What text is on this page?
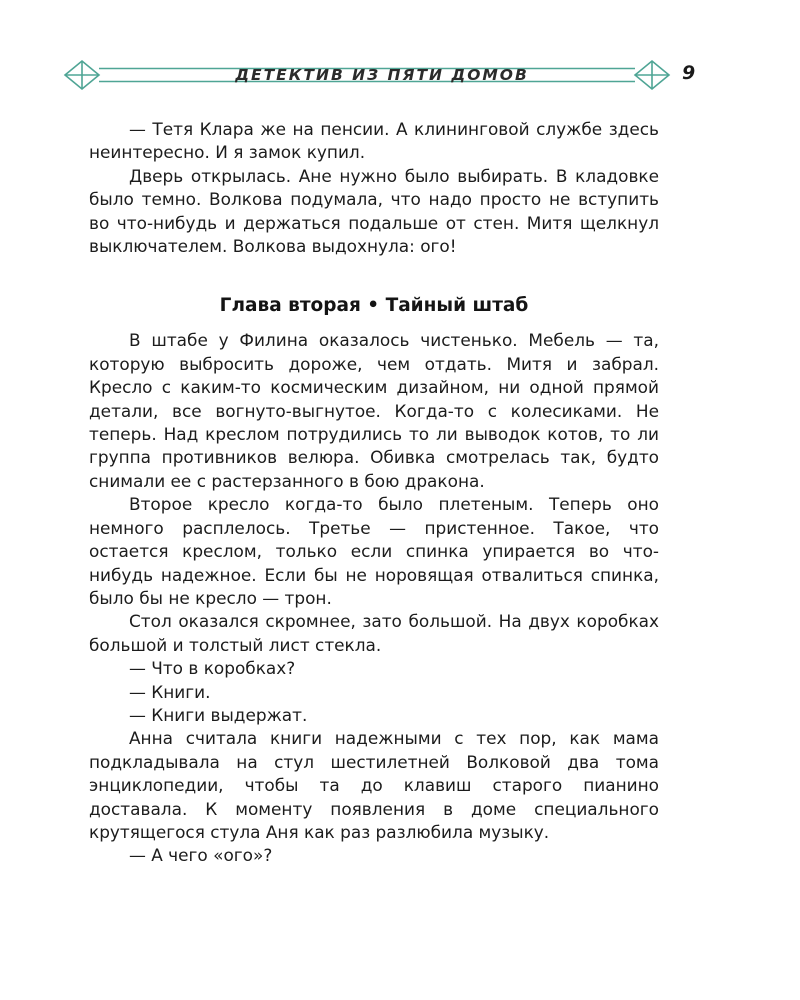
ДЕТЕКТИВ ИЗ ПЯТИ ДОМОВ	9

— Тетя Клара же на пенсии. А клининговой службе здесь неинтересно. И я замок купил.

Дверь открылась. Ане нужно было выбирать. В кладовке было темно. Волкова подумала, что надо просто не вступить во что-нибудь и держаться подальше от стен. Митя щелкнул выключателем. Волкова выдохнула: ого!

Глава вторая • Тайный штаб

В штабе у Филина оказалось чистенько. Мебель — та, которую выбросить дороже, чем отдать. Митя и забрал. Кресло с каким-то космическим дизайном, ни одной прямой детали, все вогнуто-выгнутое. Когда-то с колесиками. Не теперь. Над креслом потрудились то ли выводок котов, то ли группа противников велюра. Обивка смотрелась так, будто снимали ее с растерзанного в бою дракона.

Второе кресло когда-то было плетеным. Теперь оно немного расплелось. Третье — пристенное. Такое, что остается креслом, только если спинка упирается во что-нибудь надежное. Если бы не норовящая отвалиться спинка, было бы не кресло — трон.

Стол оказался скромнее, зато большой. На двух коробках большой и толстый лист стекла.

— Что в коробках?

— Книги.

— Книги выдержат.

Анна считала книги надежными с тех пор, как мама подкладывала на стул шестилетней Волковой два тома энциклопедии, чтобы та до клавиш старого пианино доставала. К моменту появления в доме специального крутящегося стула Аня как раз разлюбила музыку.

— А чего «ого»?
